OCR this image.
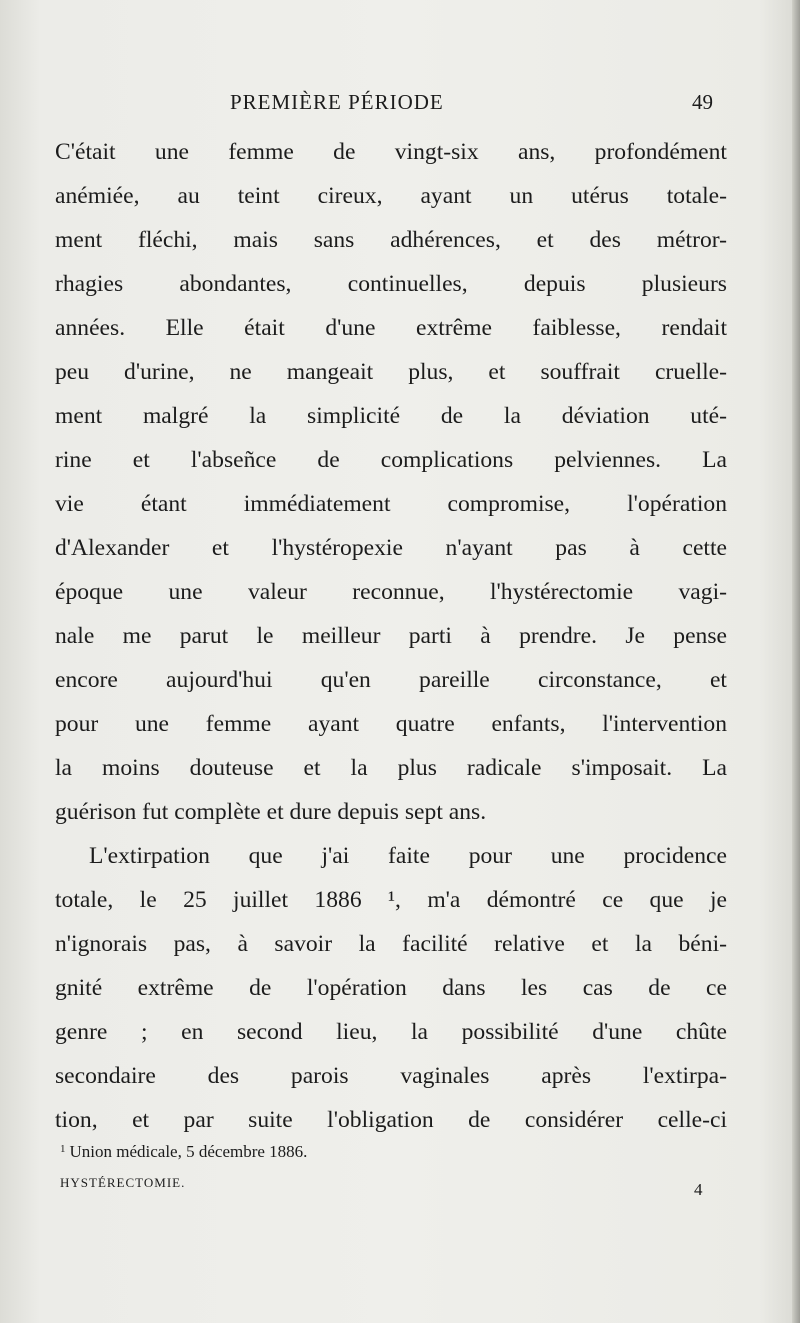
PREMIÈRE PÉRIODE	49
C'était une femme de vingt-six ans, profondément
anémiée, au teint cireux, ayant un utérus totale-
ment fléchi, mais sans adhérences, et des métror-
rhagies abondantes, continuelles, depuis plusieurs
années. Elle était d'une extrême faiblesse, rendait
peu d'urine, ne mangeait plus, et souffrait cruelle-
ment malgré la simplicité de la déviation uté-
rine et l'abseñce de complications pelviennes. La
vie étant immédiatement compromise, l'opération
d'Alexander et l'hystéropexie n'ayant pas à cette
époque une valeur reconnue, l'hystérectomie vagi-
nale me parut le meilleur parti à prendre. Je pense
encore aujourd'hui qu'en pareille circonstance, et
pour une femme ayant quatre enfants, l'intervention
la moins douteuse et la plus radicale s'imposait. La
guérison fut complète et dure depuis sept ans.
L'extirpation que j'ai faite pour une procidence
totale, le 25 juillet 1886 ¹, m'a démontré ce que je
n'ignorais pas, à savoir la facilité relative et la béni-
gnité extrême de l'opération dans les cas de ce
genre ; en second lieu, la possibilité d'une chûte
secondaire des parois vaginales après l'extirpa-
tion, et par suite l'obligation de considérer celle-ci
$^1$ Union médicale, 5 décembre 1886.
HYSTÉRECTOMIE.	4
